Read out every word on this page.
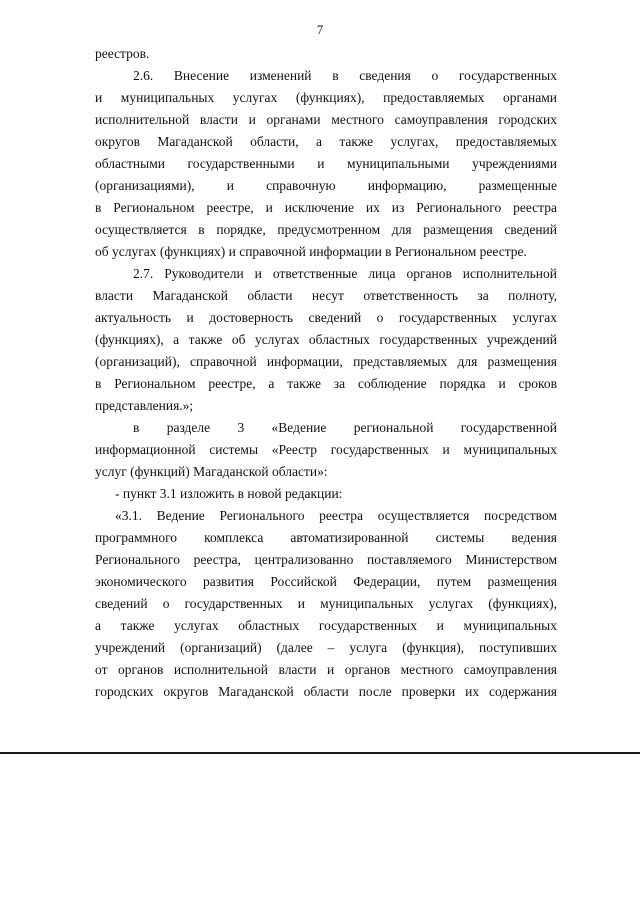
7
реестров.
2.6. Внесение изменений в сведения о государственных
и муниципальных услугах (функциях), предоставляемых органами
исполнительной власти и органами местного самоуправления городских
округов Магаданской области, а также услугах, предоставляемых
областными государственными и муниципальными учреждениями
(организациями), и справочную информацию, размещенные
в Региональном реестре, и исключение их из Регионального реестра
осуществляется в порядке, предусмотренном для размещения сведений
об услугах (функциях) и справочной информации в Региональном реестре.
2.7. Руководители и ответственные лица органов исполнительной
власти Магаданской области несут ответственность за полноту,
актуальность и достоверность сведений о государственных услугах
(функциях), а также об услугах областных государственных учреждений
(организаций), справочной информации, представляемых для размещения
в Региональном реестре, а также за соблюдение порядка и сроков
представления.»;
в разделе 3 «Ведение региональной государственной
информационной системы «Реестр государственных и муниципальных
услуг (функций) Магаданской области»:
- пункт 3.1 изложить в новой редакции:
«3.1. Ведение Регионального реестра осуществляется посредством
программного комплекса автоматизированной системы ведения
Регионального реестра, централизованно поставляемого Министерством
экономического развития Российской Федерации, путем размещения
сведений о государственных и муниципальных услугах (функциях),
а также услугах областных государственных и муниципальных
учреждений (организаций) (далее – услуга (функция), поступивших
от органов исполнительной власти и органов местного самоуправления
городских округов Магаданской области после проверки их содержания
